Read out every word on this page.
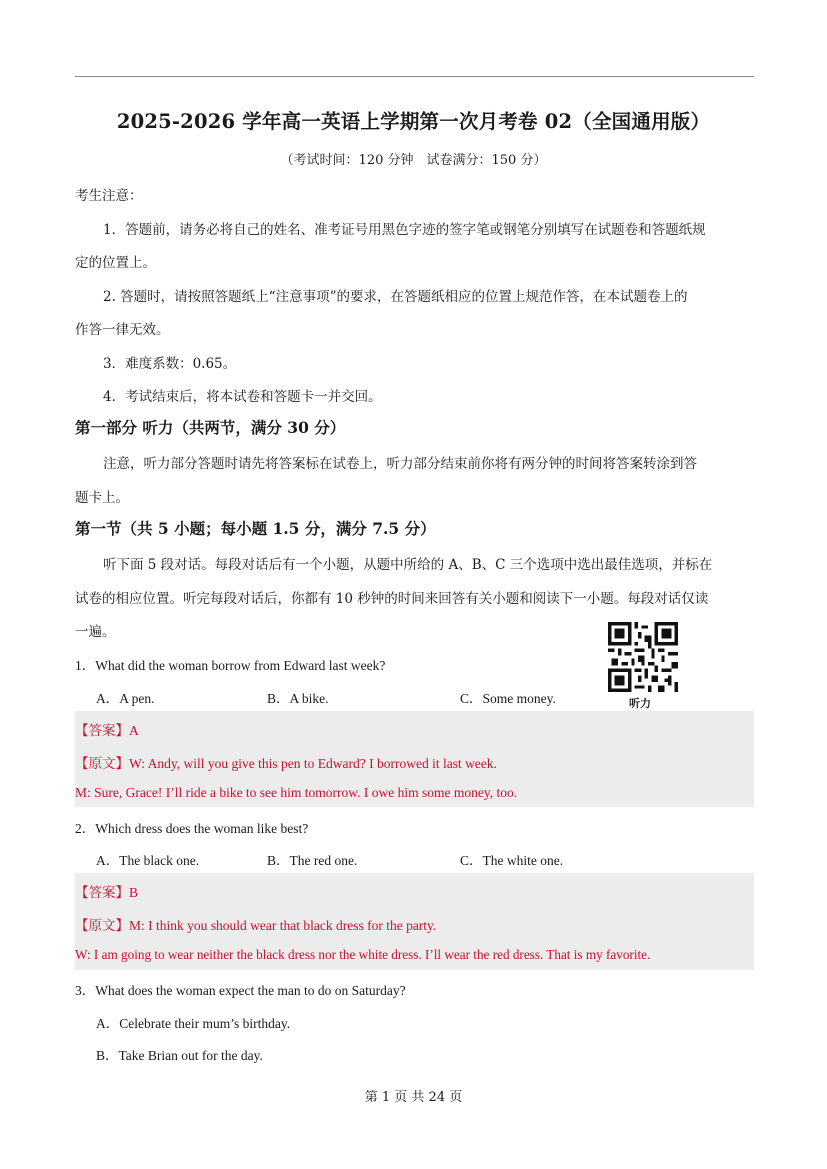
2025-2026 学年高一英语上学期第一次月考卷 02（全国通用版）
（考试时间：120 分钟　试卷满分：150 分）
考生注意：
1．答题前，请务必将自己的姓名、准考证号用黑色字迹的签字笔或钢笔分别填写在试题卷和答题纸规
定的位置上。
2. 答题时，请按照答题纸上“注意事项”的要求，在答题纸相应的位置上规范作答，在本试题卷上的
作答一律无效。
3．难度系数：0.65。
4．考试结束后，将本试卷和答题卡一并交回。
第一部分 听力（共两节，满分 30 分）
注意，听力部分答题时请先将答案标在试卷上，听力部分结束前你将有两分钟的时间将答案转涂到答
题卡上。
第一节（共 5 小题；每小题 1.5 分，满分 7.5 分）
听下面 5 段对话。每段对话后有一个小题，从题中所给的 A、B、C 三个选项中选出最佳选项，并标在
试卷的相应位置。听完每段对话后，你都有 10 秒钟的时间来回答有关小题和阅读下一小题。每段对话仅读
一遍。
听力
1．What did the woman borrow from Edward last week?
A．A pen.	B．A bike.	C．Some money.
【答案】A
【原文】W: Andy, will you give this pen to Edward? I borrowed it last week.
M: Sure, Grace! I’ll ride a bike to see him tomorrow. I owe him some money, too.
2．Which dress does the woman like best?
A．The black one.	B．The red one.	C．The white one.
【答案】B
【原文】M: I think you should wear that black dress for the party.
W: I am going to wear neither the black dress nor the white dress. I’ll wear the red dress. That is my favorite.
3．What does the woman expect the man to do on Saturday?
A．Celebrate their mum’s birthday.
B．Take Brian out for the day.
第 1 页 共 24 页
